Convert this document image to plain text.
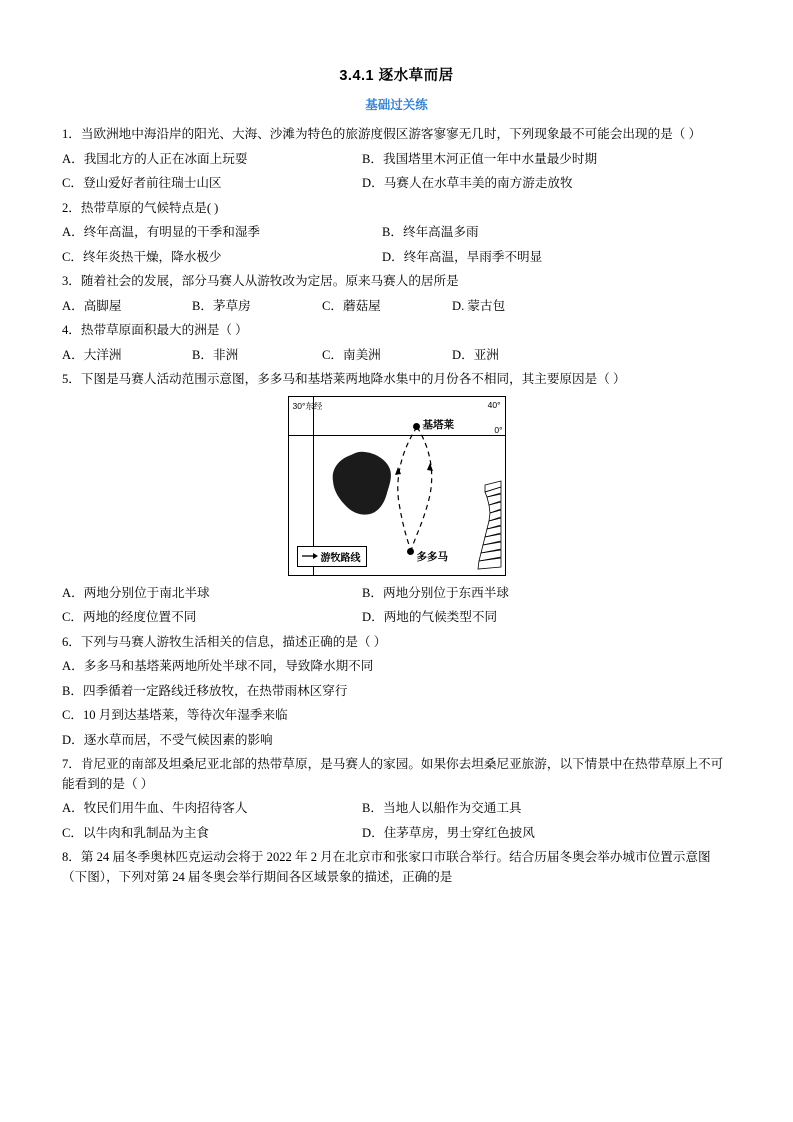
3.4.1 逐水草而居
基础过关练
1．当欧洲地中海沿岸的阳光、大海、沙滩为特色的旅游度假区游客寥寥无几时，下列现象最不可能会出现的是（ ）
A．我国北方的人正在冰面上玩耍	B．我国塔里木河正值一年中水量最少时期
C．登山爱好者前往瑞士山区	D．马赛人在水草丰美的南方游走放牧
2．热带草原的气候特点是( )
A．终年高温，有明显的干季和湿季	B．终年高温多雨
C．终年炎热干燥，降水极少	D．终年高温，旱雨季不明显
3．随着社会的发展，部分马赛人从游牧改为定居。原来马赛人的居所是
A．高脚屋	B．茅草房	C．蘑菇屋	D. 蒙古包
4．热带草原面积最大的洲是（ ）
A．大洋洲	B．非洲	C．南美洲	D．亚洲
5．下图是马赛人活动范围示意图，多多马和基塔莱两地降水集中的月份各不相同，其主要原因是（ ）
30°东经	40°
0°
基塔莱
多多马
游牧路线
A．两地分别位于南北半球	B．两地分别位于东西半球
C．两地的经度位置不同	D．两地的气候类型不同
6．下列与马赛人游牧生活相关的信息，描述正确的是（ ）
A．多多马和基塔莱两地所处半球不同，导致降水期不同
B．四季循着一定路线迁移放牧，在热带雨林区穿行
C．10 月到达基塔莱，等待次年湿季来临
D．逐水草而居，不受气候因素的影响
7．肯尼亚的南部及坦桑尼亚北部的热带草原，是马赛人的家园。如果你去坦桑尼亚旅游，以下情景中在热带草原上不可能看到的是（ ）
A．牧民们用牛血、牛肉招待客人	B．当地人以船作为交通工具
C．以牛肉和乳制品为主食	D．住茅草房，男士穿红色披风
8．第 24 届冬季奥林匹克运动会将于 2022 年 2 月在北京市和张家口市联合举行。结合历届冬奥会举办城市位置示意图（下图），下列对第 24 届冬奥会举行期间各区域景象的描述，正确的是
